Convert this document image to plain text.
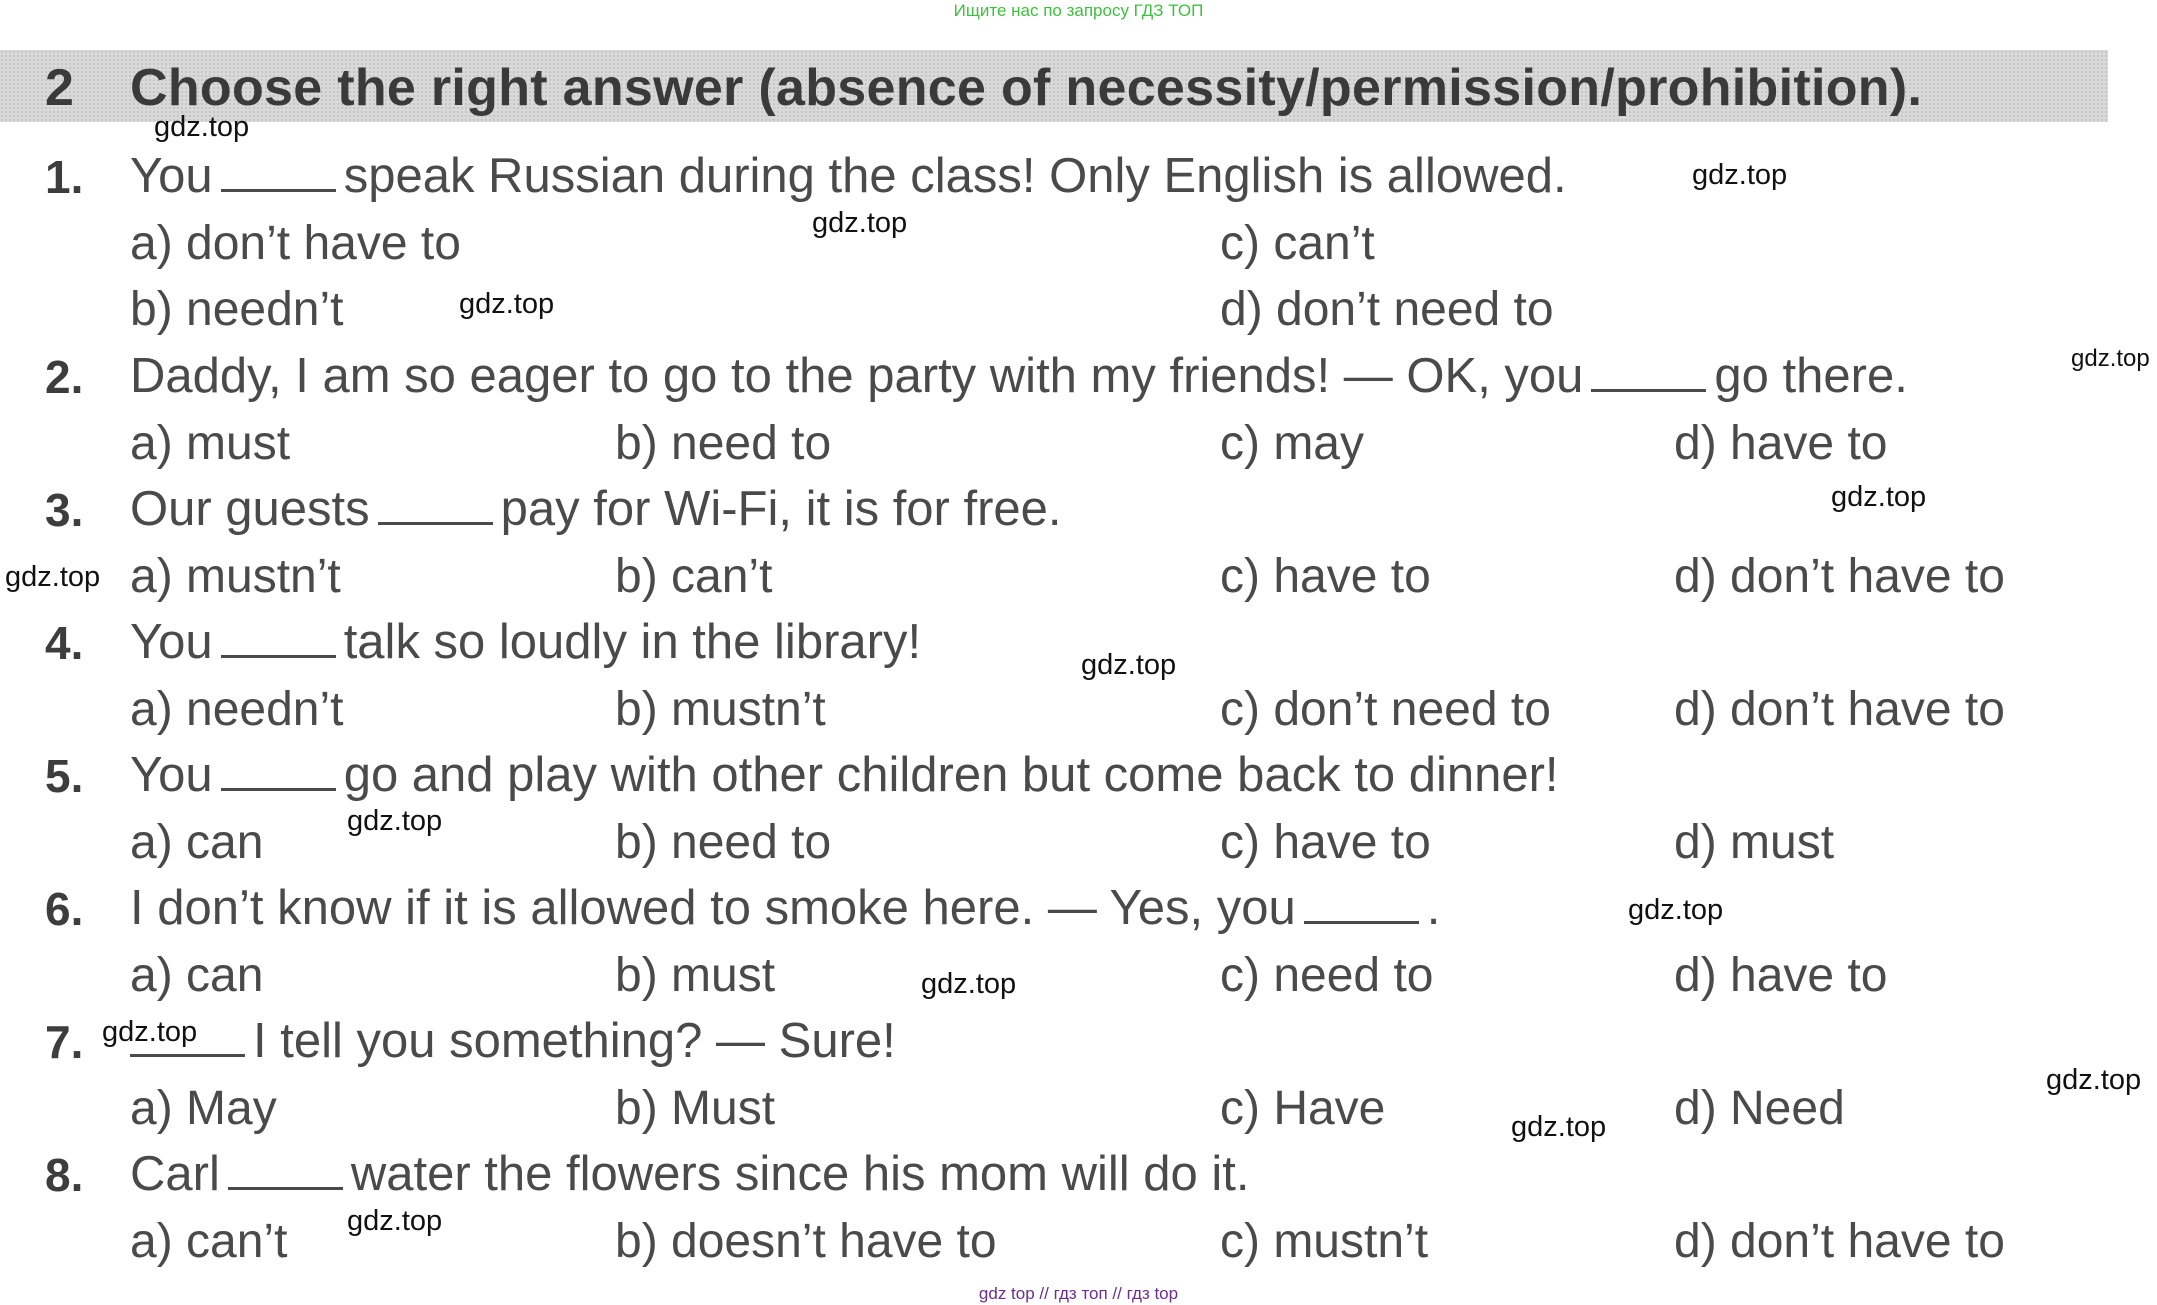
Ищите нас по запросу ГДЗ ТОП
2 Choose the right answer (absence of necessity/permission/prohibition).
1. You	speak Russian during the class! Only English is allowed.
a) don’t have to
b) needn’t
c) can’t
d) don’t need to
2. Daddy, I am so eager to go to the party with my friends! — OK, you	go there.
a) must	b) need to	c) may	d) have to
3. Our guests	pay for Wi-Fi, it is for free.
a) mustn’t	b) can’t	c) have to	d) don’t have to
4. You	talk so loudly in the library!
a) needn’t	b) mustn’t	c) don’t need to	d) don’t have to
5. You	go and play with other children but come back to dinner!
a) can	b) need to	c) have to	d) must
6. I don’t know if it is allowed to smoke here. — Yes, you	.
a) can	b) must	c) need to	d) have to
7.	I tell you something? — Sure!
a) May	b) Must	c) Have	d) Need
8. Carl	water the flowers since his mom will do it.
a) can’t	b) doesn’t have to	c) mustn’t	d) don’t have to
gdz.top
gdz.top
gdz.top
gdz.top
gdz.top
gdz.top
gdz.top
gdz.top
gdz.top
gdz.top
gdz.top
gdz.top
gdz.top
gdz.top
gdz.top
gdz top // гдз топ // гдз top
